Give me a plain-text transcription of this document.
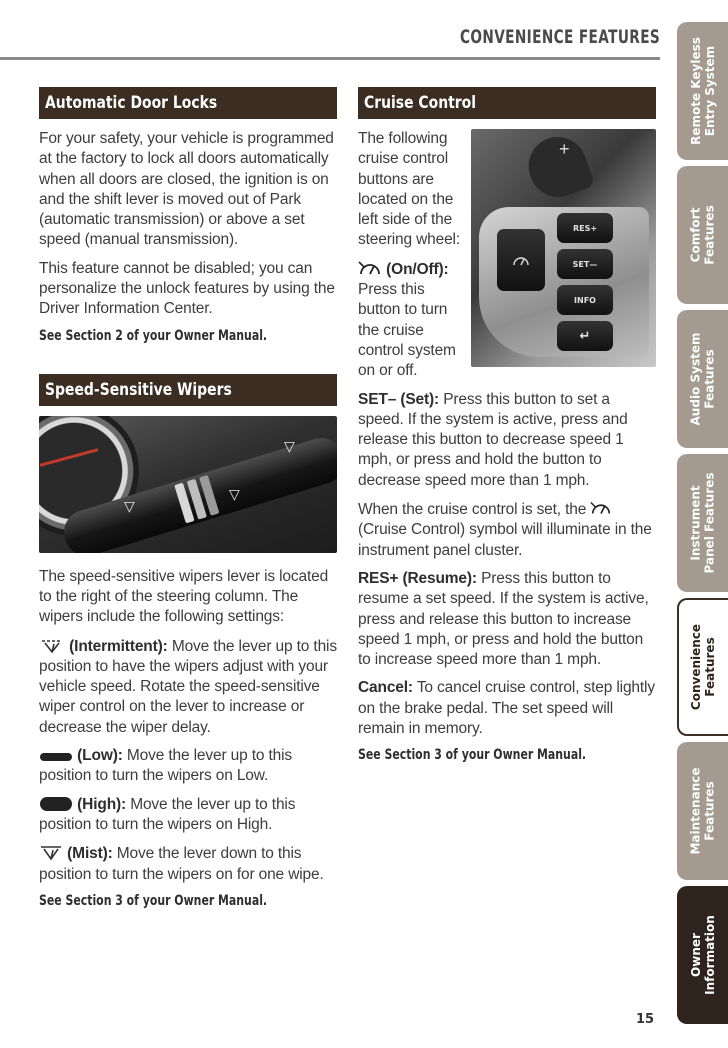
CONVENIENCE FEATURES
Automatic Door Locks

For your safety, your vehicle is programmed at the factory to lock all doors automatically when all doors are closed, the ignition is on and the shift lever is moved out of Park (automatic transmission) or above a set speed (manual transmission).

This feature cannot be disabled; you can personalize the unlock features by using the Driver Information Center.

See Section 2 of your Owner Manual.
Speed-Sensitive Wipers
▽
▽
▽

The speed-sensitive wipers lever is located to the right of the steering column. The wipers include the following settings:

(Intermittent): Move the lever up to this position to have the wipers adjust with your vehicle speed. Rotate the speed-sensitive wiper control on the lever to increase or decrease the wiper delay.

(Low): Move the lever up to this position to turn the wipers on Low.

(High): Move the lever up to this position to turn the wipers on High.

(Mist): Move the lever down to this position to turn the wipers on for one wipe.

See Section 3 of your Owner Manual.
Cruise Control
+
RES+
SET—
INFO
↵

The following cruise control buttons are located on the left side of the steering wheel:

(On/Off): Press this button to turn the cruise control system on or off.

SET– (Set): Press this button to set a speed. If the system is active, press and release this button to decrease speed 1 mph, or press and hold the button to decrease speed more than 1 mph.

When the cruise control is set, the  (Cruise Control) symbol will illuminate in the instrument panel cluster.

RES+ (Resume): Press this button to resume a set speed. If the system is active, press and release this button to increase speed 1 mph, or press and hold the button to increase speed more than 1 mph.

Cancel: To cancel cruise control, step lightly on the brake pedal. The set speed will remain in memory.

See Section 3 of your Owner Manual.
15
Remote Keyless Entry System
Comfort Features
Audio System Features
Instrument Panel Features
Convenience Features
Maintenance Features
Owner Information
